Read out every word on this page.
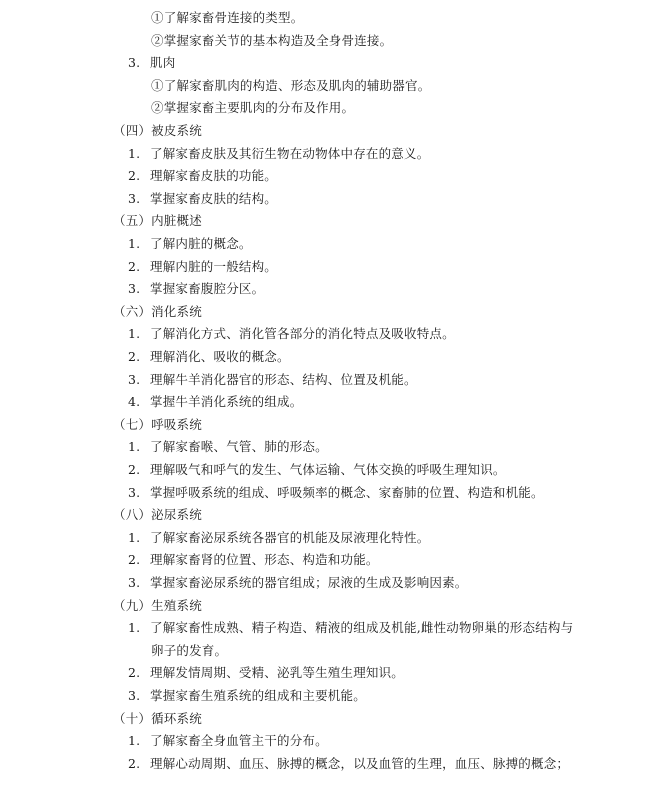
①了解家畜骨连接的类型。
②掌握家畜关节的基本构造及全身骨连接。
3. 肌肉
①了解家畜肌肉的构造、形态及肌肉的辅助器官。
②掌握家畜主要肌肉的分布及作用。
（四）被皮系统
1. 了解家畜皮肤及其衍生物在动物体中存在的意义。
2. 理解家畜皮肤的功能。
3. 掌握家畜皮肤的结构。
（五）内脏概述
1. 了解内脏的概念。
2. 理解内脏的一般结构。
3. 掌握家畜腹腔分区。
（六）消化系统
1. 了解消化方式、消化管各部分的消化特点及吸收特点。
2. 理解消化、吸收的概念。
3. 理解牛羊消化器官的形态、结构、位置及机能。
4. 掌握牛羊消化系统的组成。
（七）呼吸系统
1. 了解家畜喉、气管、肺的形态。
2. 理解吸气和呼气的发生、气体运输、气体交换的呼吸生理知识。
3. 掌握呼吸系统的组成、呼吸频率的概念、家畜肺的位置、构造和机能。
（八）泌尿系统
1. 了解家畜泌尿系统各器官的机能及尿液理化特性。
2. 理解家畜肾的位置、形态、构造和功能。
3. 掌握家畜泌尿系统的器官组成；尿液的生成及影响因素。
（九）生殖系统
1. 了解家畜性成熟、精子构造、精液的组成及机能,雌性动物卵巢的形态结构与
卵子的发育。
2. 理解发情周期、受精、泌乳等生殖生理知识。
3. 掌握家畜生殖系统的组成和主要机能。
（十）循环系统
1. 了解家畜全身血管主干的分布。
2. 理解心动周期、血压、脉搏的概念，以及血管的生理，血压、脉搏的概念；
